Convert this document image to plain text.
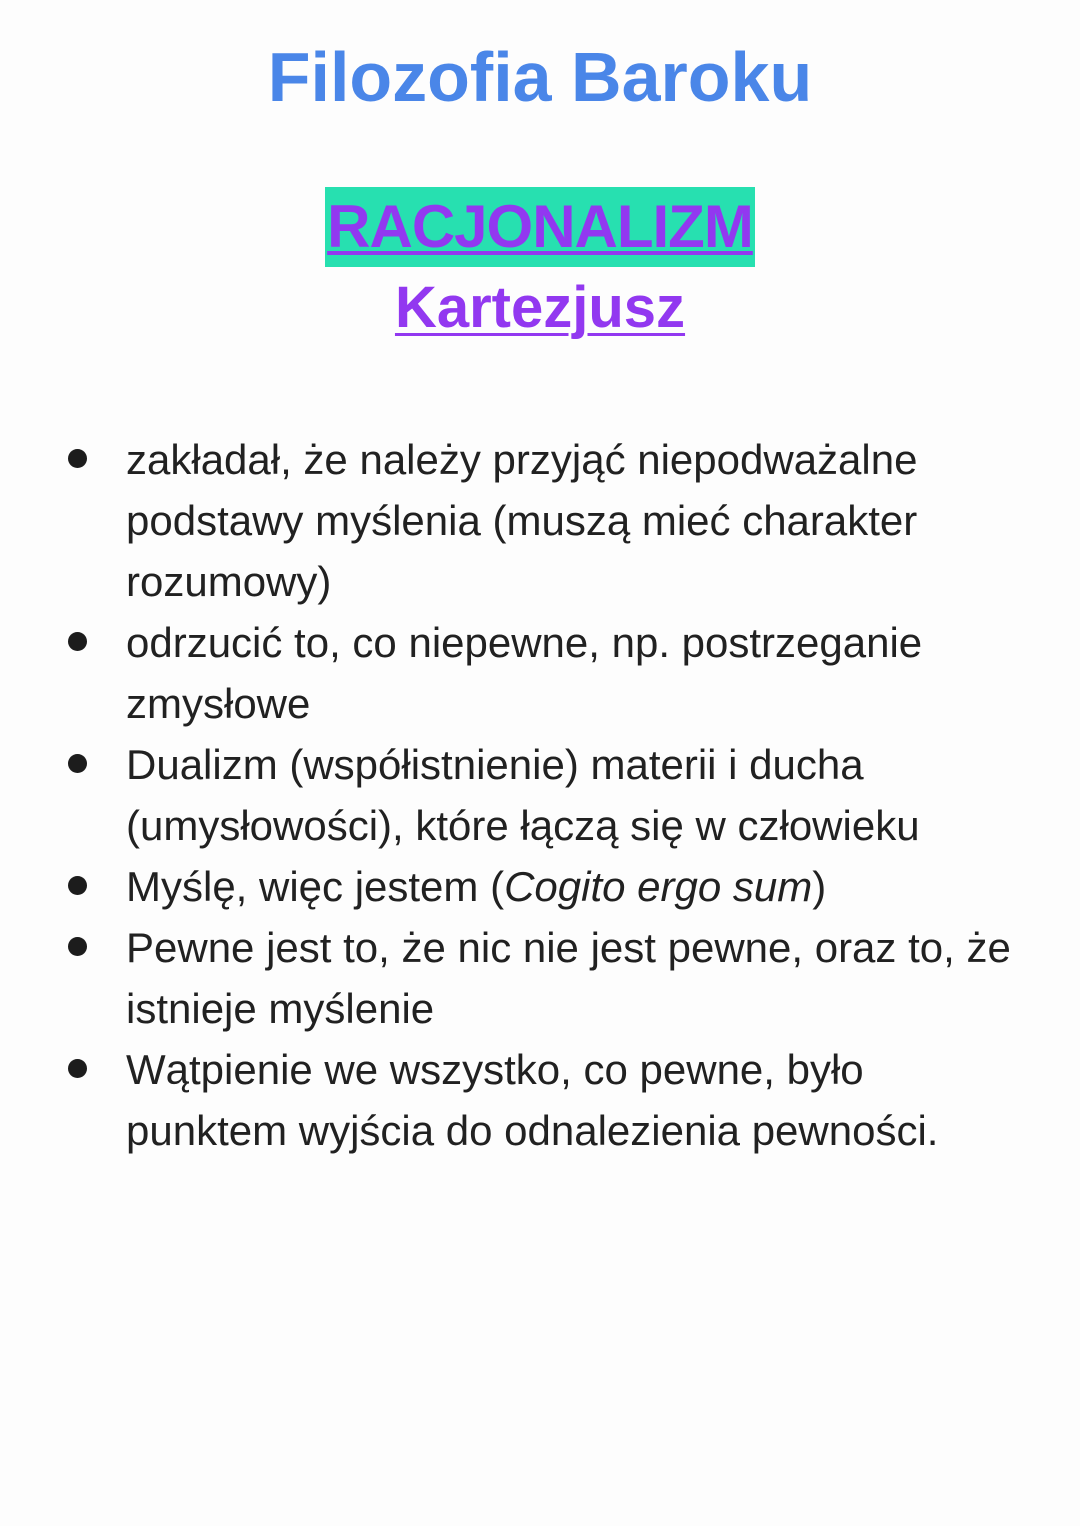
Filozofia Baroku
RACJONALIZM
Kartezjusz
zakładał, że należy przyjąć niepodważalne podstawy myślenia (muszą mieć charakter rozumowy)
odrzucić to, co niepewne, np. postrzeganie zmysłowe
Dualizm (współistnienie) materii i ducha (umysłowości), które łączą się w człowieku
Myślę, więc jestem (Cogito ergo sum)
Pewne jest to, że nic nie jest pewne, oraz to, że istnieje myślenie
Wątpienie we wszystko, co pewne, było punktem wyjścia do odnalezienia pewności.
